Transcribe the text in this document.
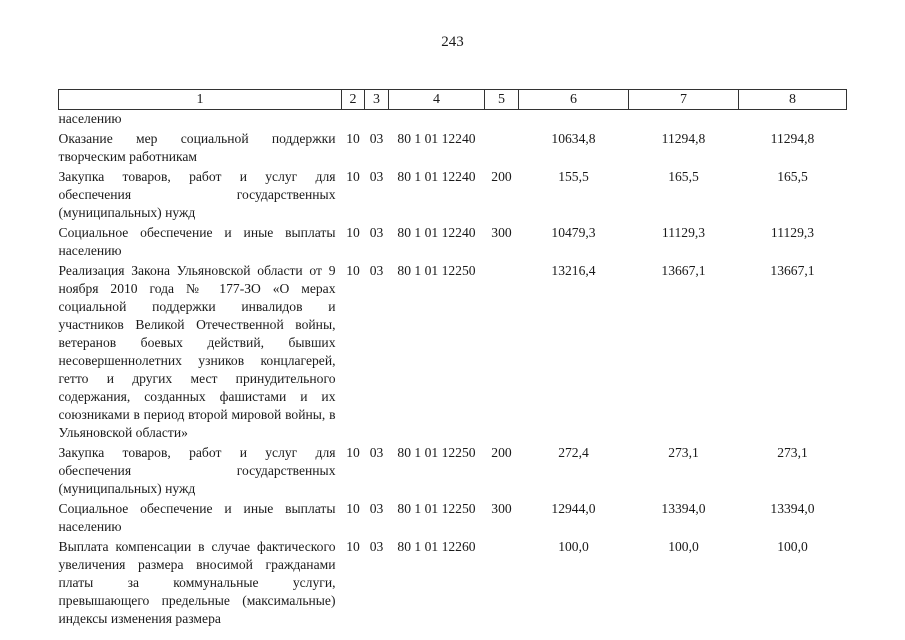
243
1	2	3	4	5	6	7	8
населению							
Оказание мер социальной поддержки творческим работникам	10	03	80 1 01 12240		10634,8	11294,8	11294,8
Закупка товаров, работ и услуг для обеспечения государственных (муниципальных) нужд	10	03	80 1 01 12240	200	155,5	165,5	165,5
Социальное обеспечение и иные выплаты населению	10	03	80 1 01 12240	300	10479,3	11129,3	11129,3
Реализация Закона Ульяновской области от 9 ноября 2010 года № 177-ЗО «О мерах социальной поддержки инвалидов и участников Великой Отечественной войны, ветеранов боевых действий, бывших несовершеннолетних узников концлагерей, гетто и других мест принудительного содержания, созданных фашистами и их союзниками в период второй мировой войны, в Ульяновской области»	10	03	80 1 01 12250		13216,4	13667,1	13667,1
Закупка товаров, работ и услуг для обеспечения государственных (муниципальных) нужд	10	03	80 1 01 12250	200	272,4	273,1	273,1
Социальное обеспечение и иные выплаты населению	10	03	80 1 01 12250	300	12944,0	13394,0	13394,0
Выплата компенсации в случае фактического увеличения размера вносимой гражданами платы за коммунальные услуги, превышающего предельные (максимальные) индексы изменения размера	10	03	80 1 01 12260		100,0	100,0	100,0
